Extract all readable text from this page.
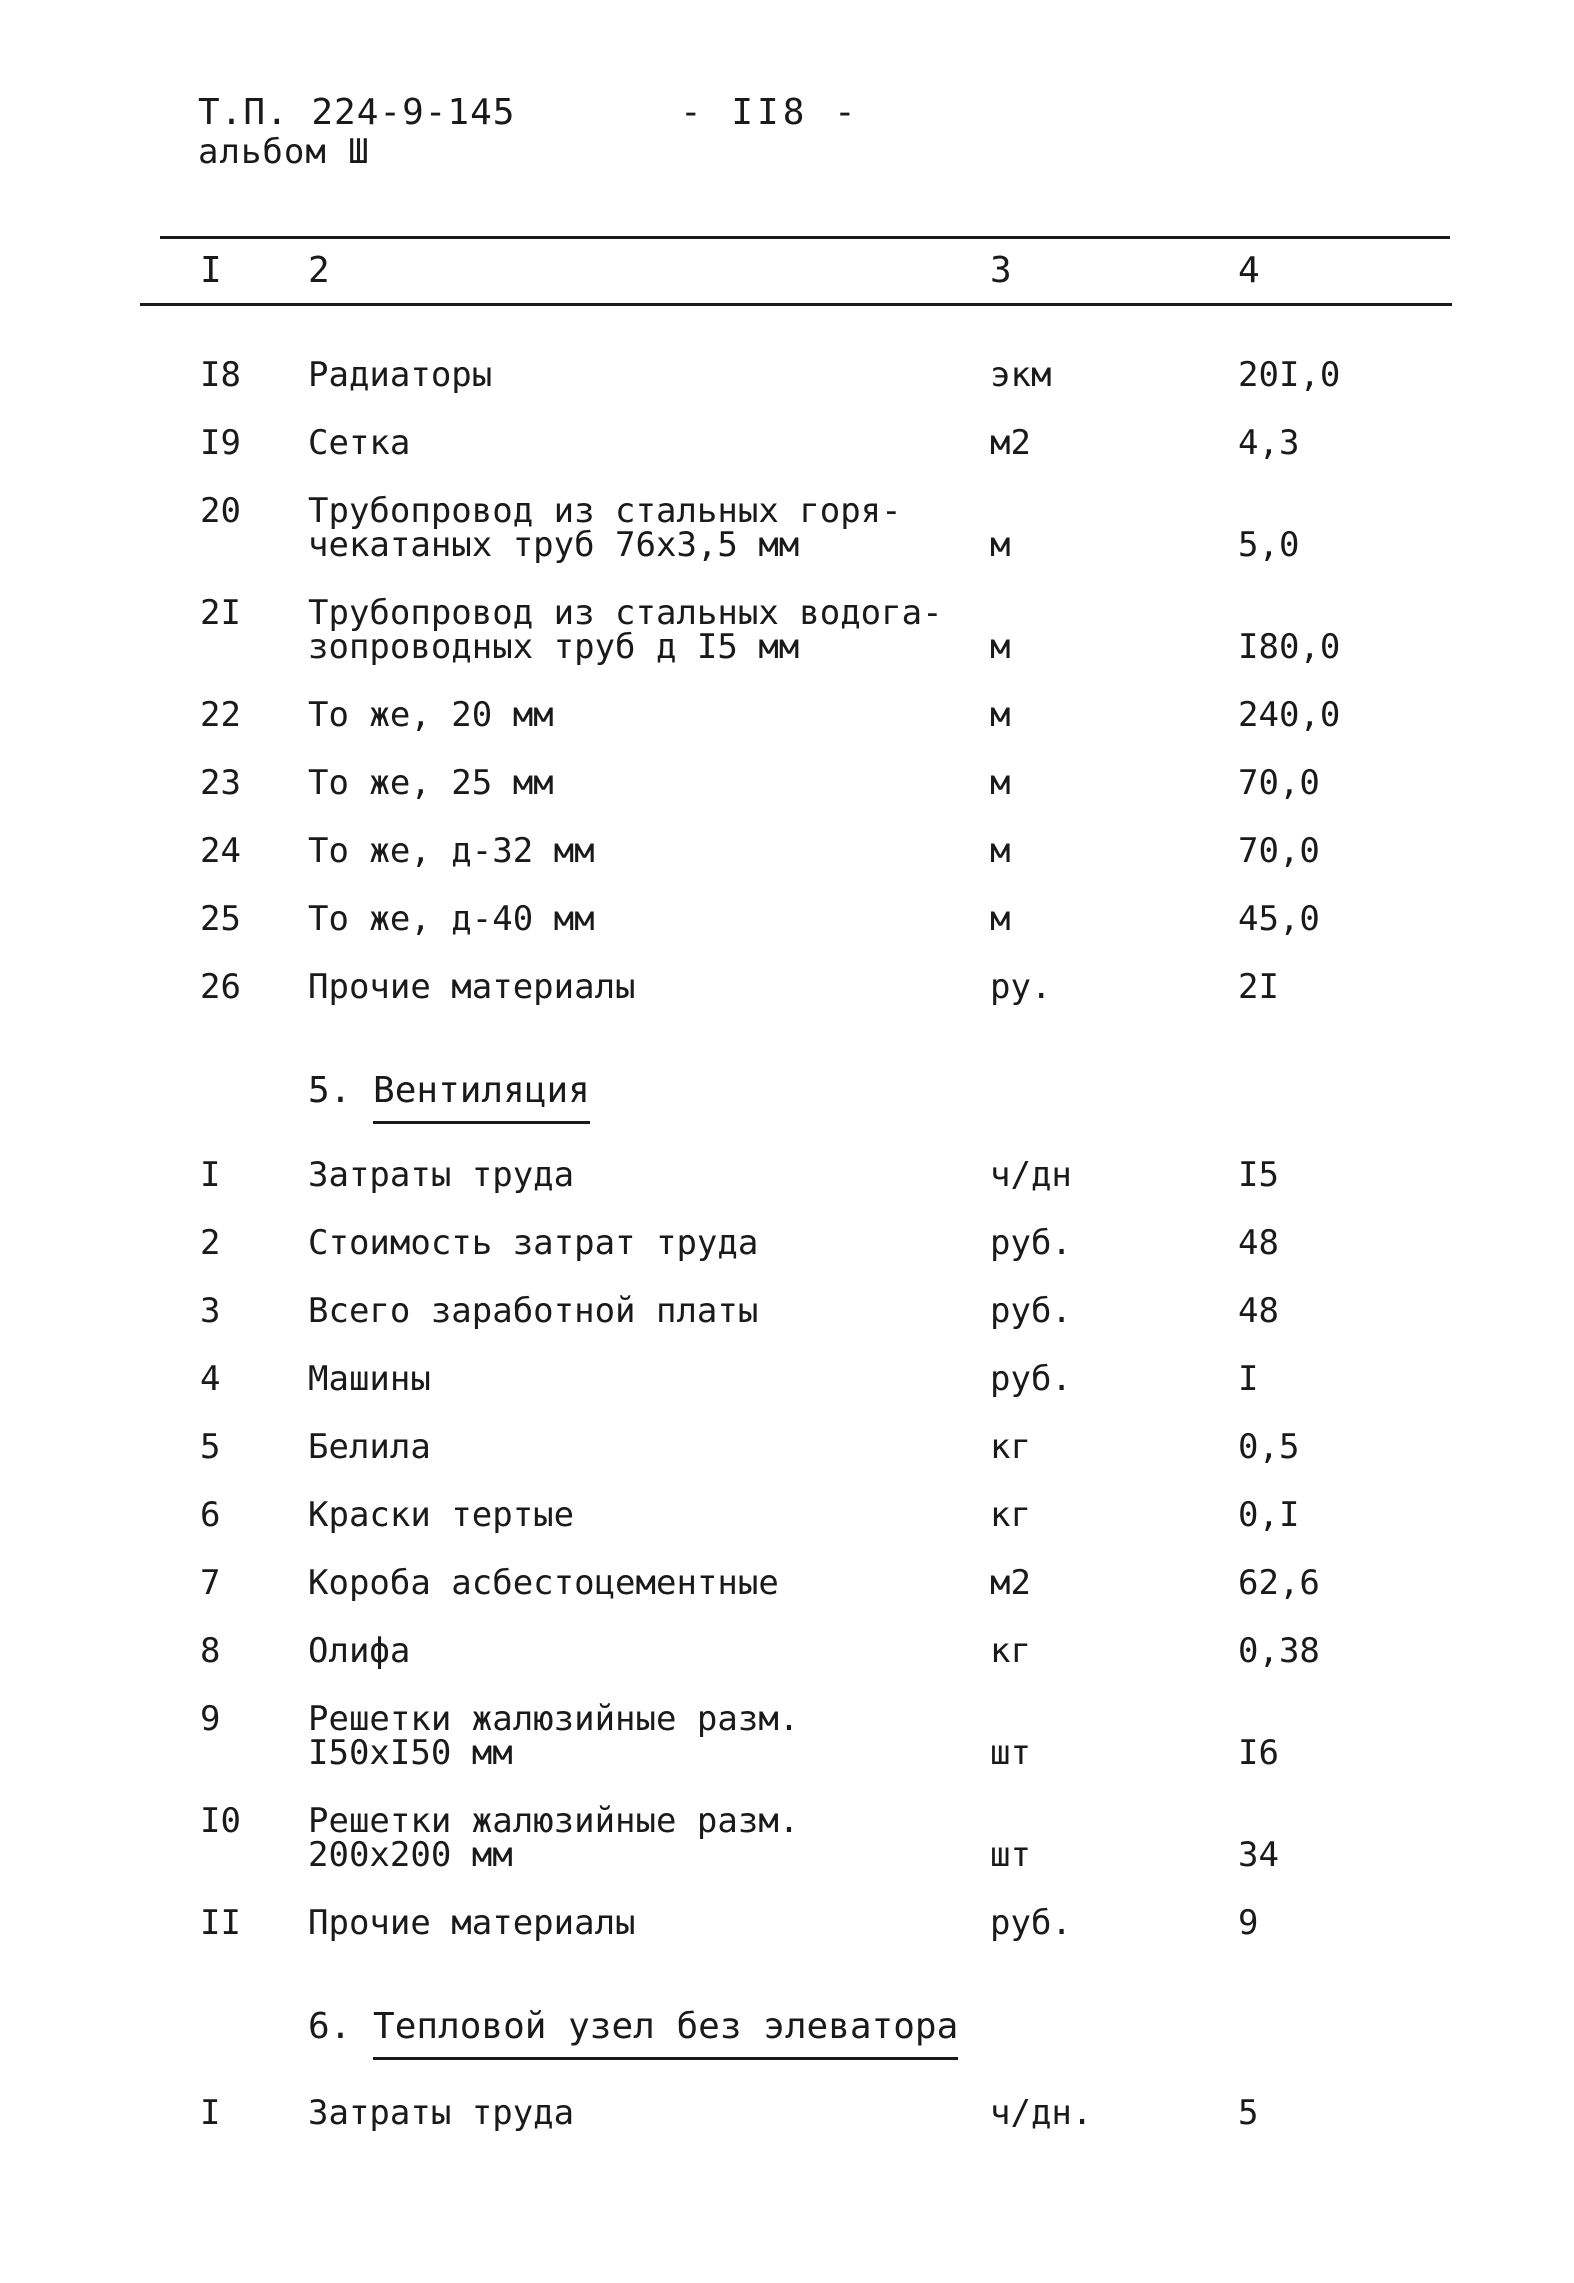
Т.П. 224-9-145
альбом Ш
- II8 -
I 2	3	4
I8 Радиаторы	экм	20I,0
I9 Сетка	м2	4,3
20 Трубопровод из стальных горя-
чекатаных труб 76х3,5 мм	м	5,0
2I Трубопровод из стальных водога-
зопроводных труб д I5 мм	м	I80,0
22 То же, 20 мм	м	240,0
23 То же, 25 мм	м	70,0
24 То же, д-32 мм	м	70,0
25 То же, д-40 мм	м	45,0
26 Прочие материалы	ру.	2I
5. Вентиляция
I	Затраты труда	ч/дн	I5
2	Стоимость затрат труда	руб.	48
3	Всего заработной платы	руб.	48
4	Машины	руб.	I
5	Белила	кг	0,5
6	Краски тертые	кг	0,I
7	Короба асбестоцементные	м2	62,6
8	Олифа	кг	0,38
9	Решетки жалюзийные разм.
I50хI50 мм	шт	I6
I0 Решетки жалюзийные разм.
200х200 мм	шт	34
II Прочие материалы	руб.	9
6. Тепловой узел без элеватора
I	Затраты труда	ч/дн.	5
